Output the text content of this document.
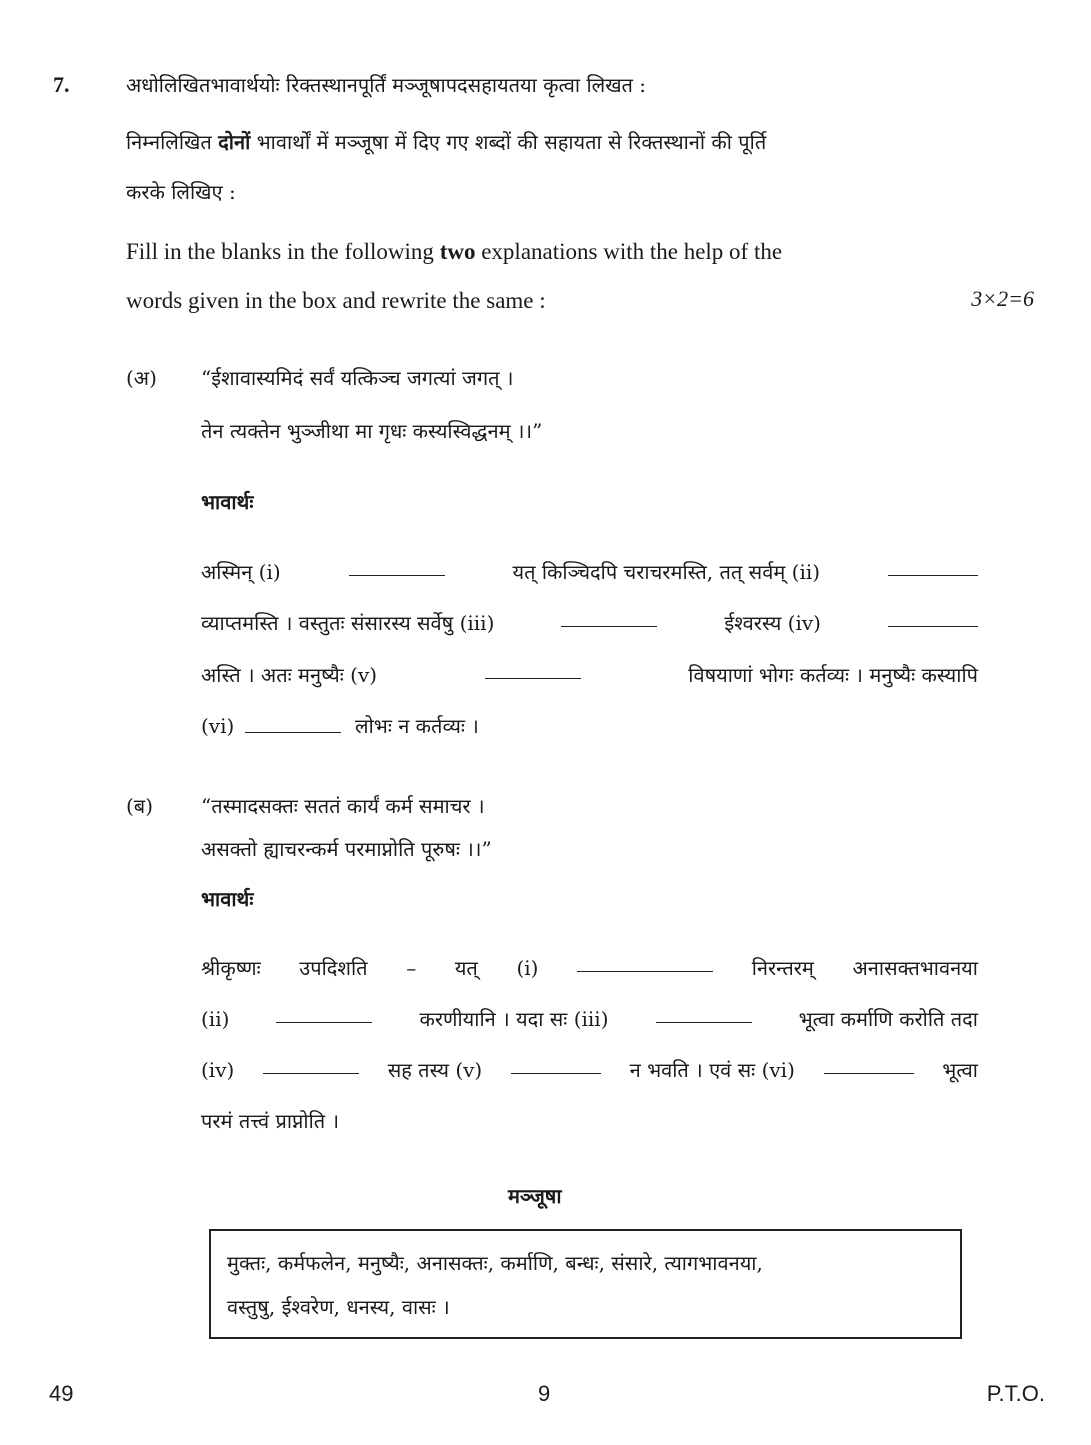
7.	अधोलिखितभावार्थयोः रिक्तस्थानपूर्तिं मञ्जूषापदसहायतया कृत्वा लिखत :
निम्नलिखित दोनों भावार्थों में मञ्जूषा में दिए गए शब्दों की सहायता से रिक्तस्थानों की पूर्ति
करके लिखिए :
Fill in the blanks in the following two explanations with the help of the
words given in the box and rewrite the same :	3×2=6
(अ) “ईशावास्यमिदं सर्वं यत्किञ्च जगत्यां जगत् ।
तेन त्यक्तेन भुञ्जीथा मा गृधः कस्यस्विद्धनम् ।।”
भावार्थः
अस्मिन् (i)	यत् किञ्चिदपि चराचरमस्ति, तत् सर्वम् (ii)
व्याप्तमस्ति । वस्तुतः संसारस्य सर्वेषु (iii)	ईश्वरस्य (iv)
अस्ति । अतः मनुष्यैः (v)	विषयाणां भोगः कर्तव्यः । मनुष्यैः कस्यापि
(vi)	लोभः न कर्तव्यः ।
(ब) “तस्मादसक्तः सततं कार्यं कर्म समाचर ।
असक्तो ह्याचरन्कर्म परमाप्नोति पूरुषः ।।”
भावार्थः
श्रीकृष्णः उपदिशति – यत् (i)	निरन्तरम् अनासक्तभावनया
(ii)	करणीयानि । यदा सः (iii)	भूत्वा कर्माणि करोति तदा
(iv)	सह तस्य (v)	न भवति । एवं सः (vi)	भूत्वा
परमं तत्त्वं प्राप्नोति ।
मञ्जूषा
मुक्तः, कर्मफलेन, मनुष्यैः, अनासक्तः, कर्माणि, बन्धः, संसारे, त्यागभावनया,
वस्तुषु, ईश्वरेण, धनस्य, वासः ।
49	9	P.T.O.
